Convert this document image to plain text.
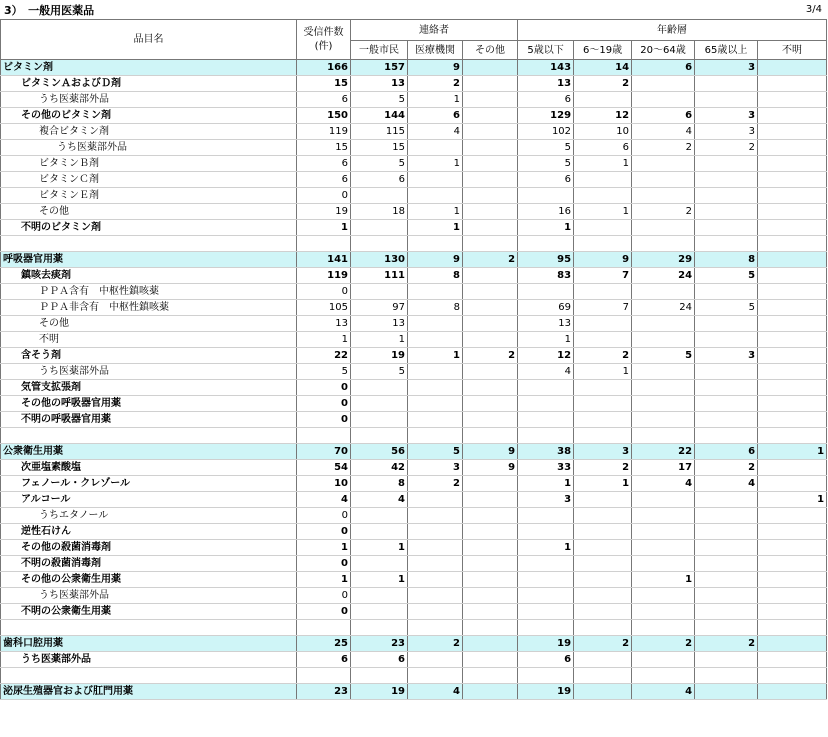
3）　一般用医薬品	3/4
品目名	受信件数
(件)	連絡者			年齢層				
		一般市民	医療機関	その他	5歳以下	6～19歳	20～64歳	65歳以上	不明
ビタミン剤	166	157	9		143	14	6	3	
ビタミンＡおよびＤ剤	15	13	2		13	2			
うち医薬部外品	6	5	1		6				
その他のビタミン剤	150	144	6		129	12	6	3	
複合ビタミン剤	119	115	4		102	10	4	3	
うち医薬部外品	15	15			5	6	2	2	
ビタミンＢ剤	6	5	1		5	1			
ビタミンＣ剤	6	6			6				
ビタミンＥ剤	0								
その他	19	18	1		16	1	2		
不明のビタミン剤	1		1		1				

呼吸器官用薬	141	130	9	2	95	9	29	8	
鎮咳去痰剤	119	111	8		83	7	24	5	
ＰＰＡ含有　中枢性鎮咳薬	0								
ＰＰＡ非含有　中枢性鎮咳薬	105	97	8		69	7	24	5	
その他	13	13			13				
不明	1	1			1				
含そう剤	22	19	1	2	12	2	5	3	
うち医薬部外品	5	5			4	1			
気管支拡張剤	0								
その他の呼吸器官用薬	0								
不明の呼吸器官用薬	0								

公衆衛生用薬	70	56	5	9	38	3	22	6	1
次亜塩素酸塩	54	42	3	9	33	2	17	2	
フェノール・クレゾール	10	8	2		1	1	4	4	
アルコール	4	4			3				1
うちエタノール	0								
逆性石けん	0								
その他の殺菌消毒剤	1	1			1				
不明の殺菌消毒剤	0								
その他の公衆衛生用薬	1	1					1		
うち医薬部外品	0								
不明の公衆衛生用薬	0								

歯科口腔用薬	25	23	2		19	2	2	2	
うち医薬部外品	6	6			6				

泌尿生殖器官および肛門用薬	23	19	4		19		4		
